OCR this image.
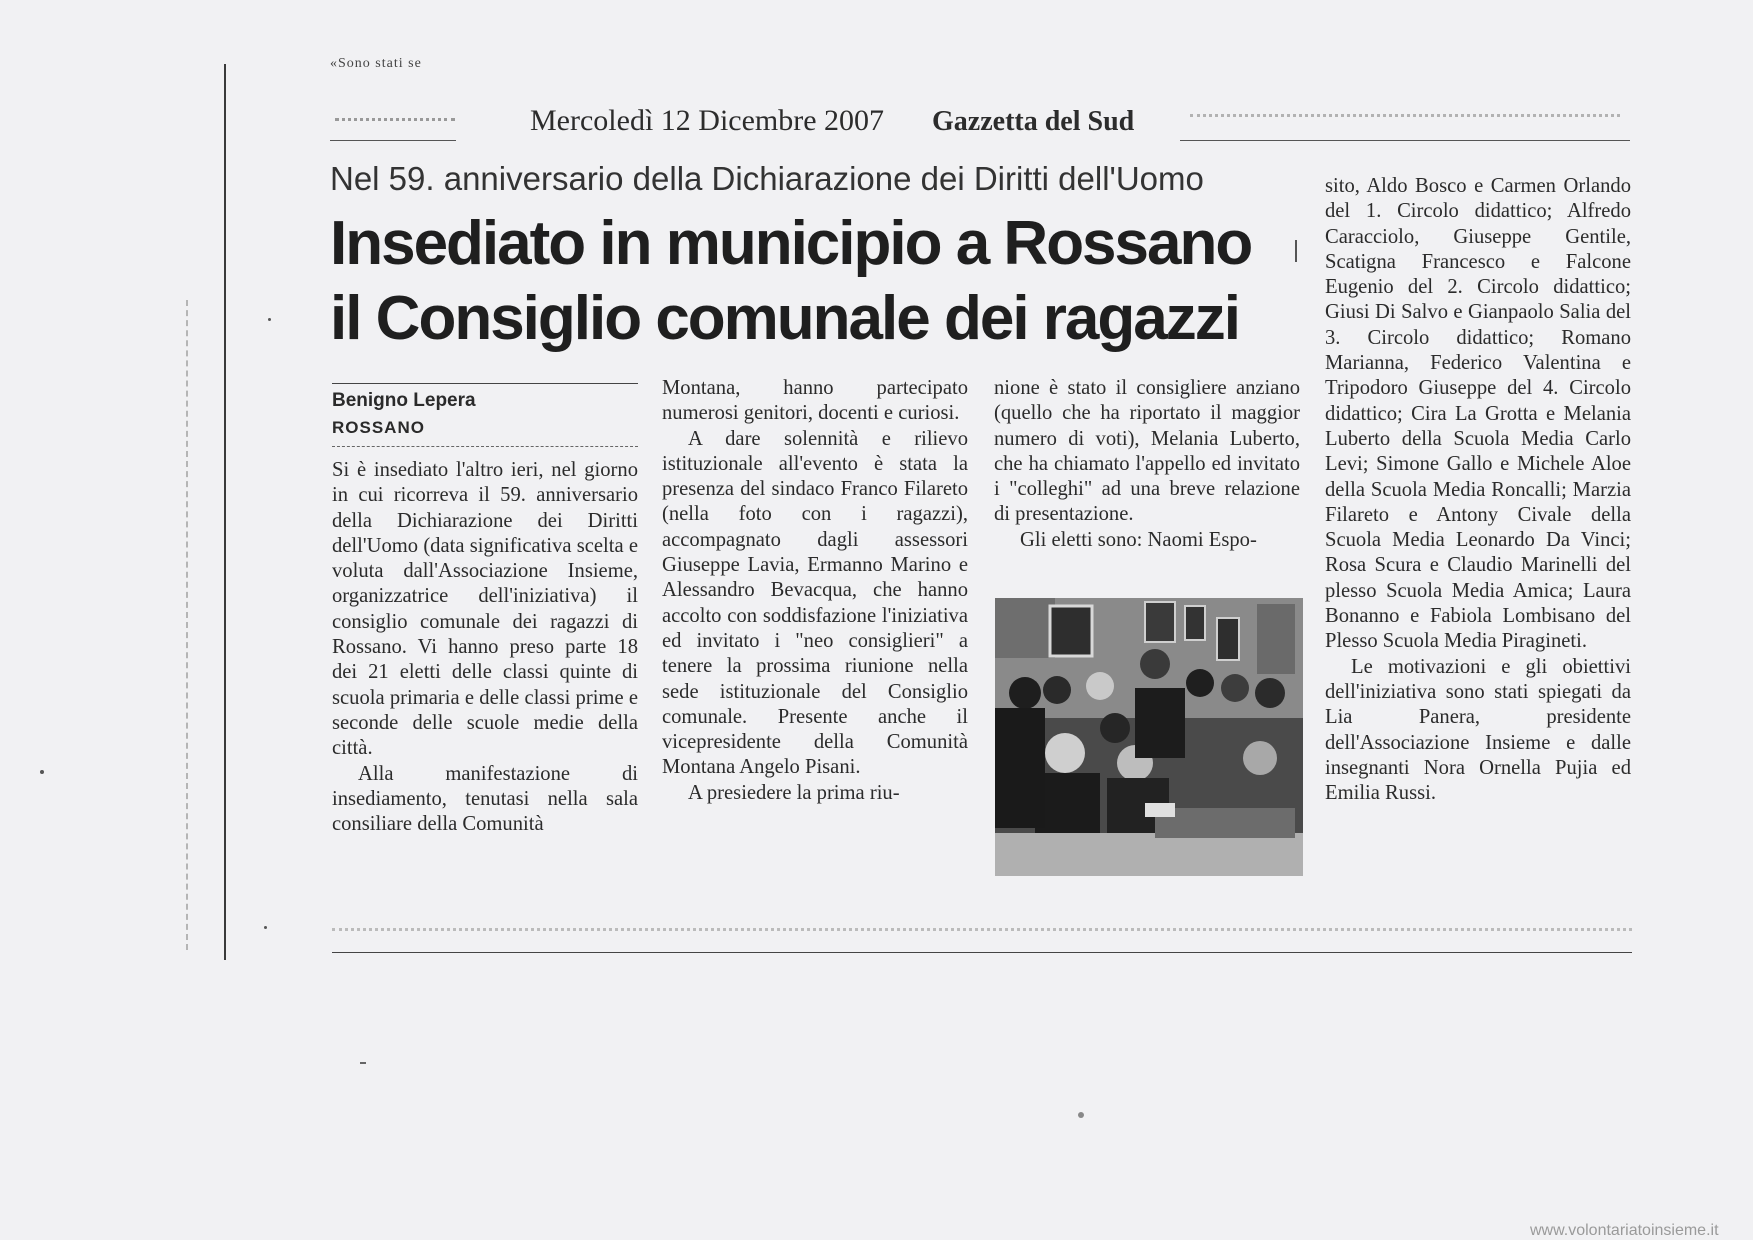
«Sono stati se
Mercoledì 12 Dicembre 2007 Gazzetta del Sud
Nel 59. anniversario della Dichiarazione dei Diritti dell'Uomo
Insediato in municipio a Rossano
il Consiglio comunale dei ragazzi
Benigno Lepera
ROSSANO

Si è insediato l'altro ieri, nel giorno in cui ricorreva il 59. anniversario della Dichiarazione dei Diritti dell'Uomo (data significativa scelta e voluta dall'Associazione Insieme, organizzatrice dell'iniziativa) il consiglio comunale dei ragazzi di Rossano. Vi hanno preso parte 18 dei 21 eletti delle classi quinte di scuola primaria e delle classi prime e seconde delle scuole medie della città.

Alla manifestazione di insediamento, tenutasi nella sala consiliare della Comunità

Montana, hanno partecipato numerosi genitori, docenti e curiosi.

A dare solennità e rilievo istituzionale all'evento è stata la presenza del sindaco Franco Filareto (nella foto con i ragazzi), accompagnato dagli assessori Giuseppe Lavia, Ermanno Marino e Alessandro Bevacqua, che hanno accolto con soddisfazione l'iniziativa ed invitato i "neo consiglieri" a tenere la prossima riunione nella sede istituzionale del Consiglio comunale. Presente anche il vicepresidente della Comunità Montana Angelo Pisani.

A presiedere la prima riu-

nione è stato il consigliere anziano (quello che ha riportato il maggior numero di voti), Melania Luberto, che ha chiamato l'appello ed invitato i "colleghi" ad una breve relazione di presentazione.

Gli eletti sono: Naomi Espo-

sito, Aldo Bosco e Carmen Orlando del 1. Circolo didattico; Alfredo Caracciolo, Giuseppe Gentile, Scatigna Francesco e Falcone Eugenio del 2. Circolo didattico; Giusi Di Salvo e Gianpaolo Salia del 3. Circolo didattico; Romano Marianna, Federico Valentina e Tripodoro Giuseppe del 4. Circolo didattico; Cira La Grotta e Melania Luberto della Scuola Media Carlo Levi; Simone Gallo e Michele Aloe della Scuola Media Roncalli; Marzia Filareto e Antony Civale della Scuola Media Leonardo Da Vinci; Rosa Scura e Claudio Marinelli del plesso Scuola Media Amica; Laura Bonanno e Fabiola Lombisano del Plesso Scuola Media Piragineti.

Le motivazioni e gli obiettivi dell'iniziativa sono stati spiegati da Lia Panera, presidente dell'Associazione Insieme e dalle insegnanti Nora Ornella Pujia ed Emilia Russi.

www.volontariatoinsieme.it
